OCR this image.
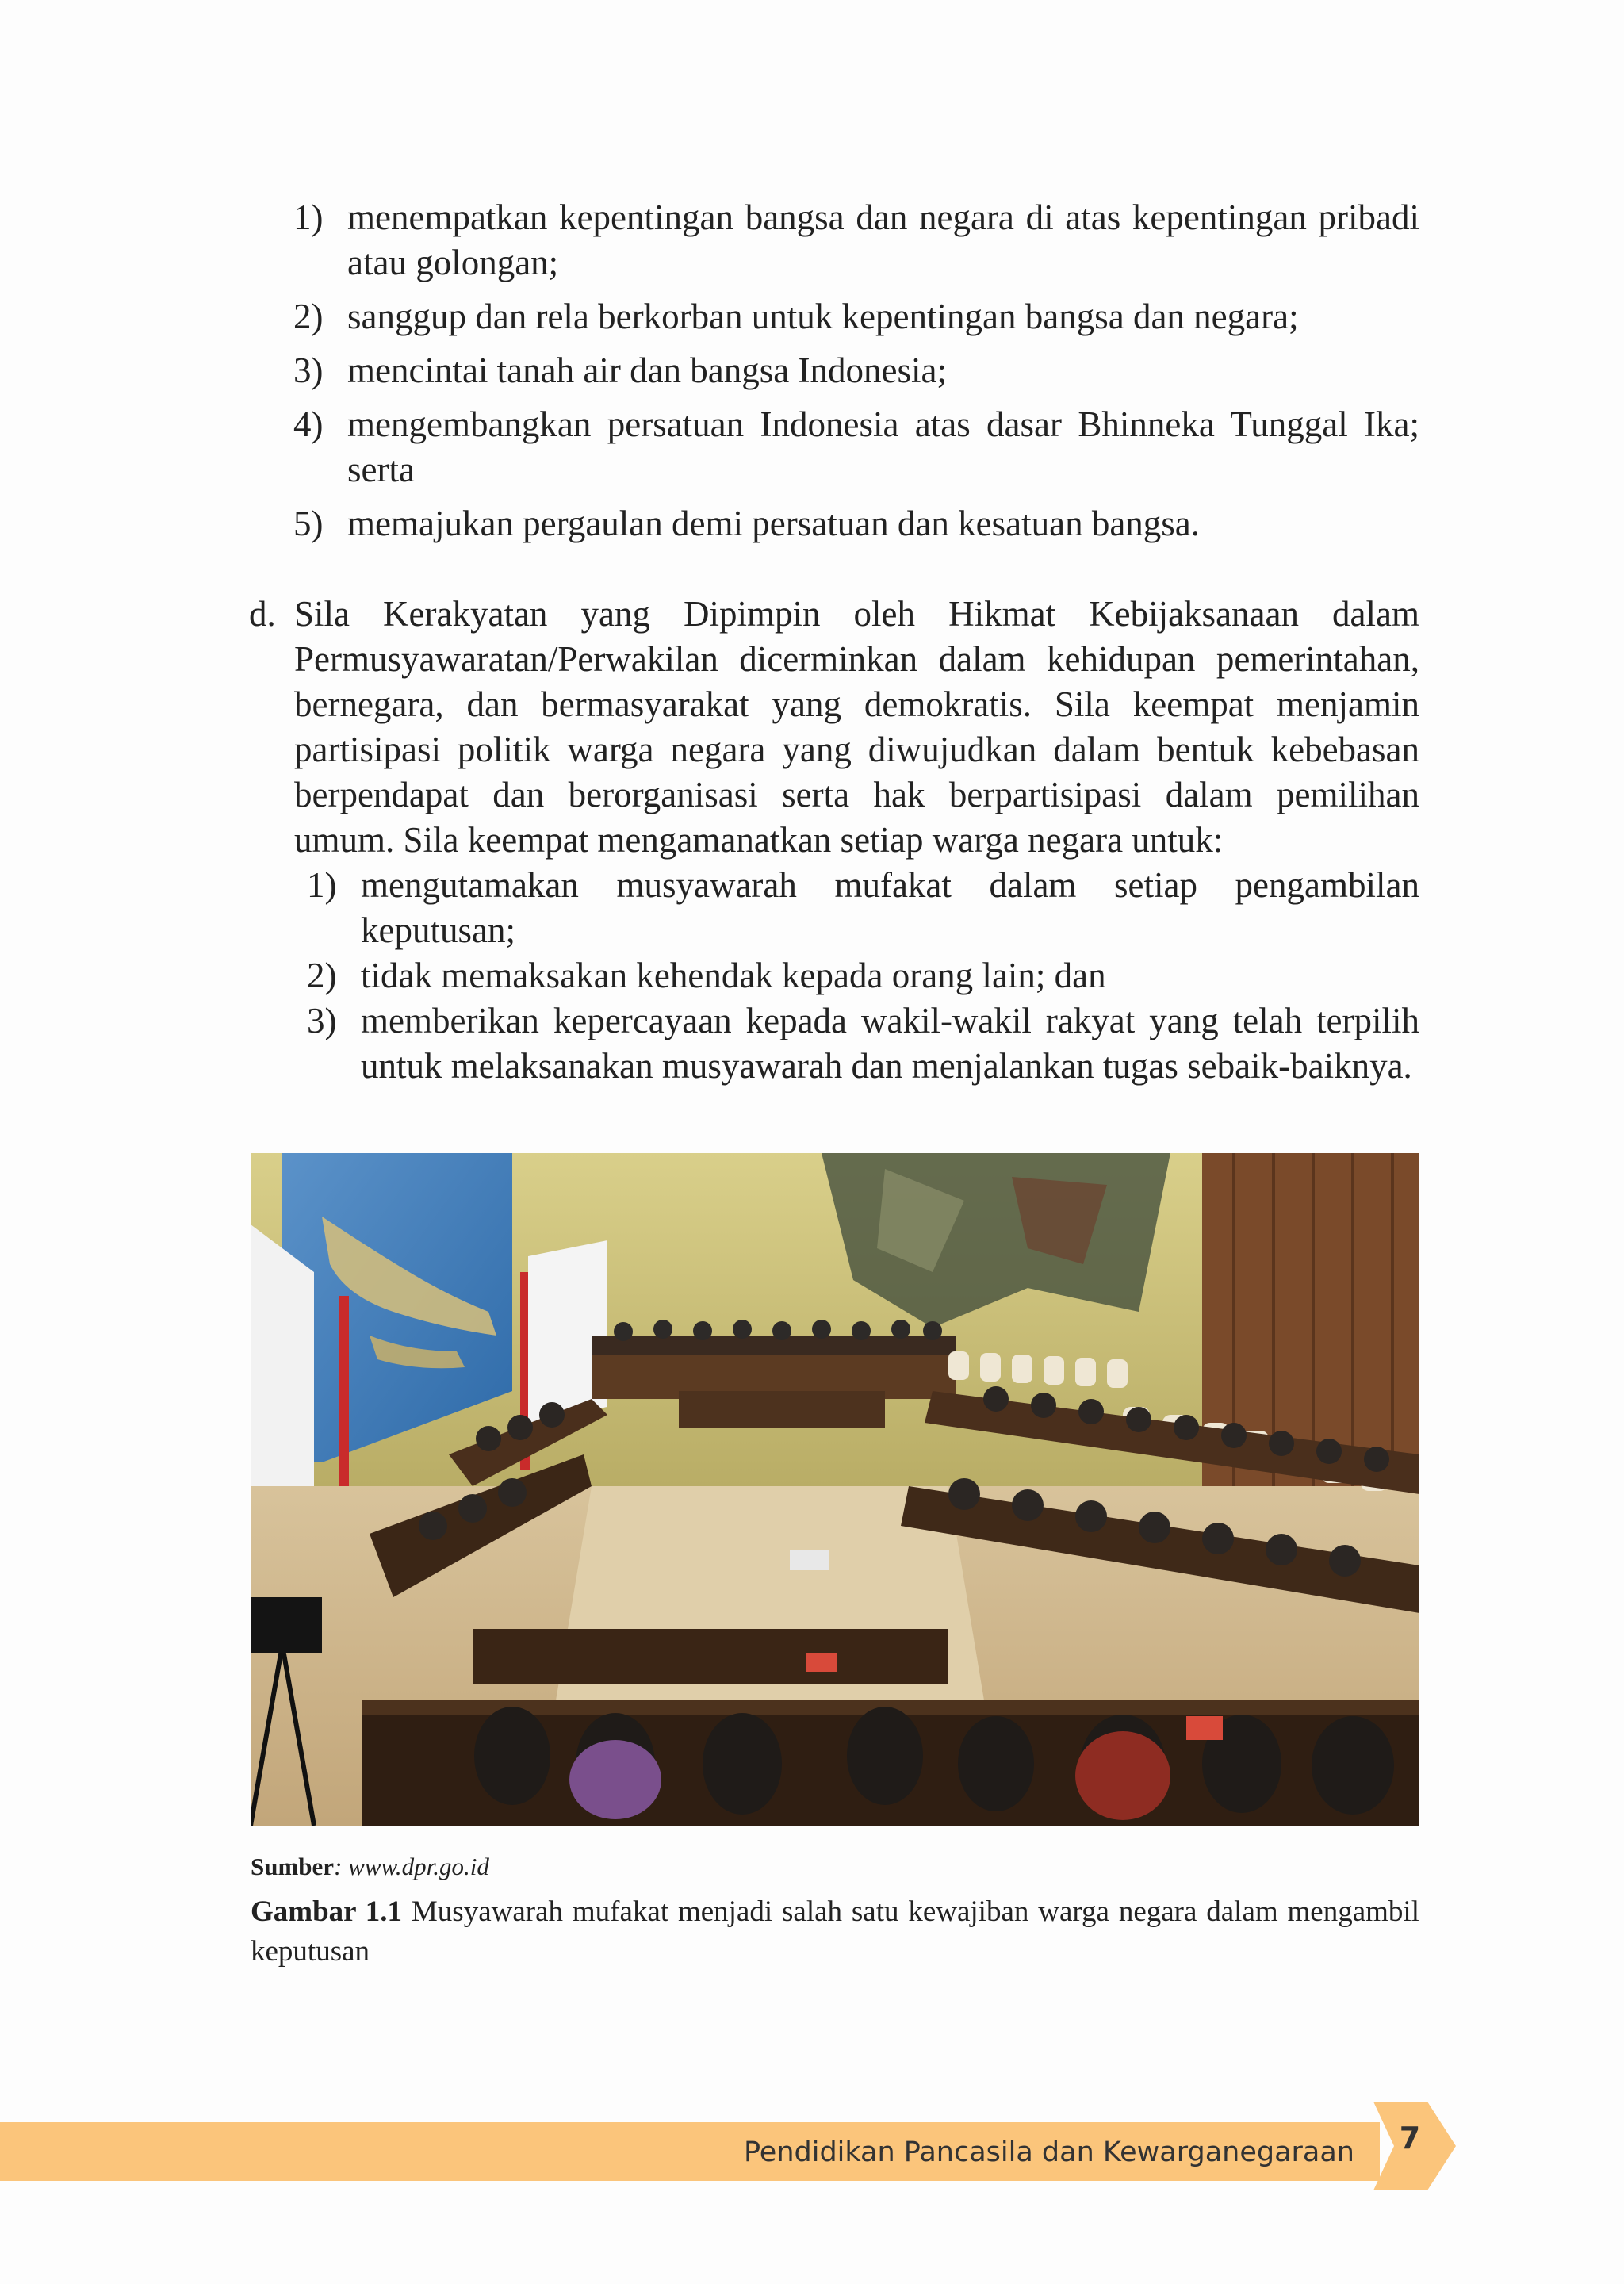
1) menempatkan kepentingan bangsa dan negara di atas kepentingan pribadi atau golongan;
2) sanggup dan rela berkorban untuk kepentingan bangsa dan negara;
3) mencintai tanah air dan bangsa Indonesia;
4) mengembangkan persatuan Indonesia atas dasar Bhinneka Tunggal Ika; serta
5) memajukan pergaulan demi persatuan dan kesatuan bangsa.
d. Sila Kerakyatan yang Dipimpin oleh Hikmat Kebijaksanaan dalam Permusyawaratan/Perwakilan dicerminkan dalam kehidupan pemerintahan, bernegara, dan bermasyarakat yang demokratis. Sila keempat menjamin partisipasi politik warga negara yang diwujudkan dalam bentuk kebebasan berpendapat dan berorganisasi serta hak berpartisipasi dalam pemilihan umum. Sila keempat mengamanatkan setiap warga negara untuk:
1) mengutamakan musyawarah mufakat dalam setiap pengambilan keputusan;
2) tidak memaksakan kehendak kepada orang lain; dan
3) memberikan kepercayaan kepada wakil-wakil rakyat yang telah terpilih untuk melaksanakan musyawarah dan menjalankan tugas sebaik-baiknya.
Sumber: www.dpr.go.id
Gambar 1.1 Musyawarah mufakat menjadi salah satu kewajiban warga negara dalam mengambil keputusan
Pendidikan Pancasila dan Kewarganegaraan	7
